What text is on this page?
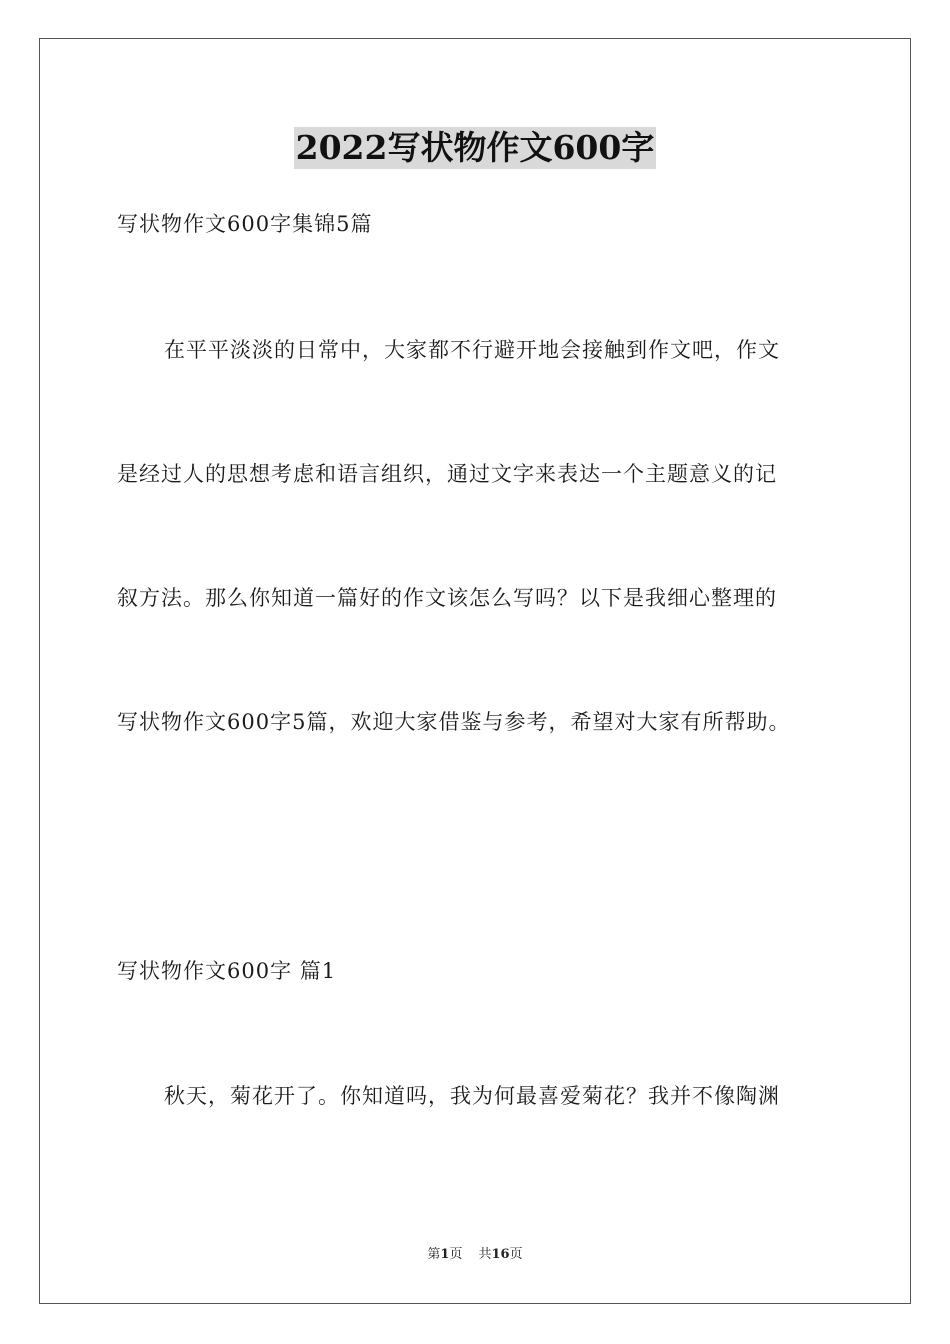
2022写状物作文600字
写状物作文600字集锦5篇
在平平淡淡的日常中，大家都不行避开地会接触到作文吧，作文
是经过人的思想考虑和语言组织，通过文字来表达一个主题意义的记
叙方法。那么你知道一篇好的作文该怎么写吗？以下是我细心整理的
写状物作文600字5篇，欢迎大家借鉴与参考，希望对大家有所帮助。
写状物作文600字 篇1
秋天，菊花开了。你知道吗，我为何最喜爱菊花？我并不像陶渊
第1页 共16页
